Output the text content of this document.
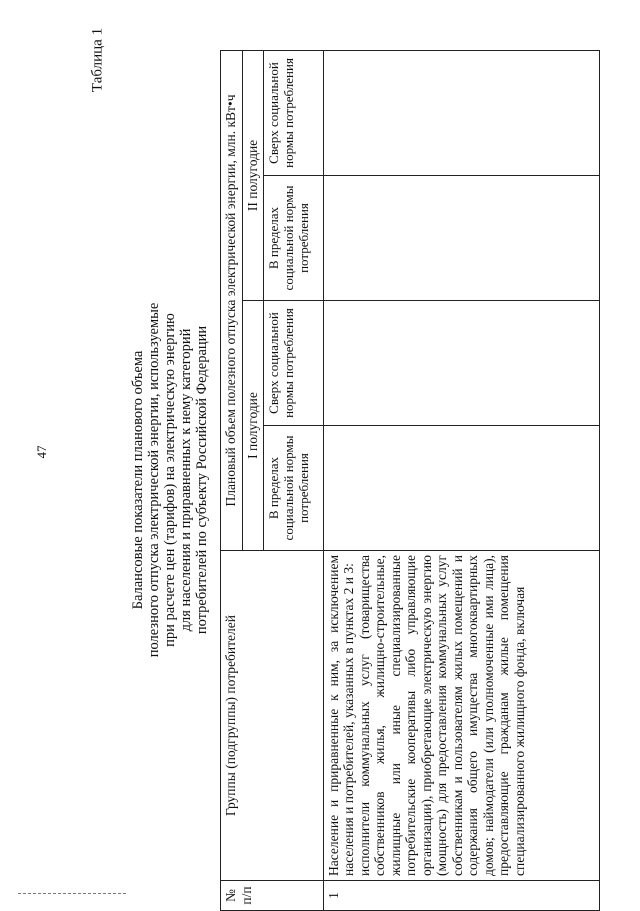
47
Таблица 1
Балансовые показатели планового объема полезного отпуска электрической энергии, используемые при расчете цен (тарифов) на электрическую энергию для населения и приравненных к нему категорий потребителей по субъекту Российской Федерации
№ п/п	Группы (подгруппы) потребителей	Плановый объем полезного отпуска электрической энергии, млн. кВт•ч			
		I полугодие		II полугодие	
		В пределах социальной нормы потребления	Сверх социальной нормы потребления	В пределах социальной нормы потребления	Сверх социальной нормы потребления
1	Население и приравненные к ним, за исключением населения и потребителей, указанных в пунктах 2 и 3: исполнители коммунальных услуг (товарищества собственников жилья, жилищно-строительные, жилищные или иные специализированные потребительские кооперативы либо управляющие организации), приобретающие электрическую энергию (мощность) для предоставления коммунальных услуг собственникам и пользователям жилых помещений и содержания общего имущества многоквартирных домов; наймодатели (или уполномоченные ими лица), предоставляющие гражданам жилые помещения специализированного жилищного фонда, включая				
